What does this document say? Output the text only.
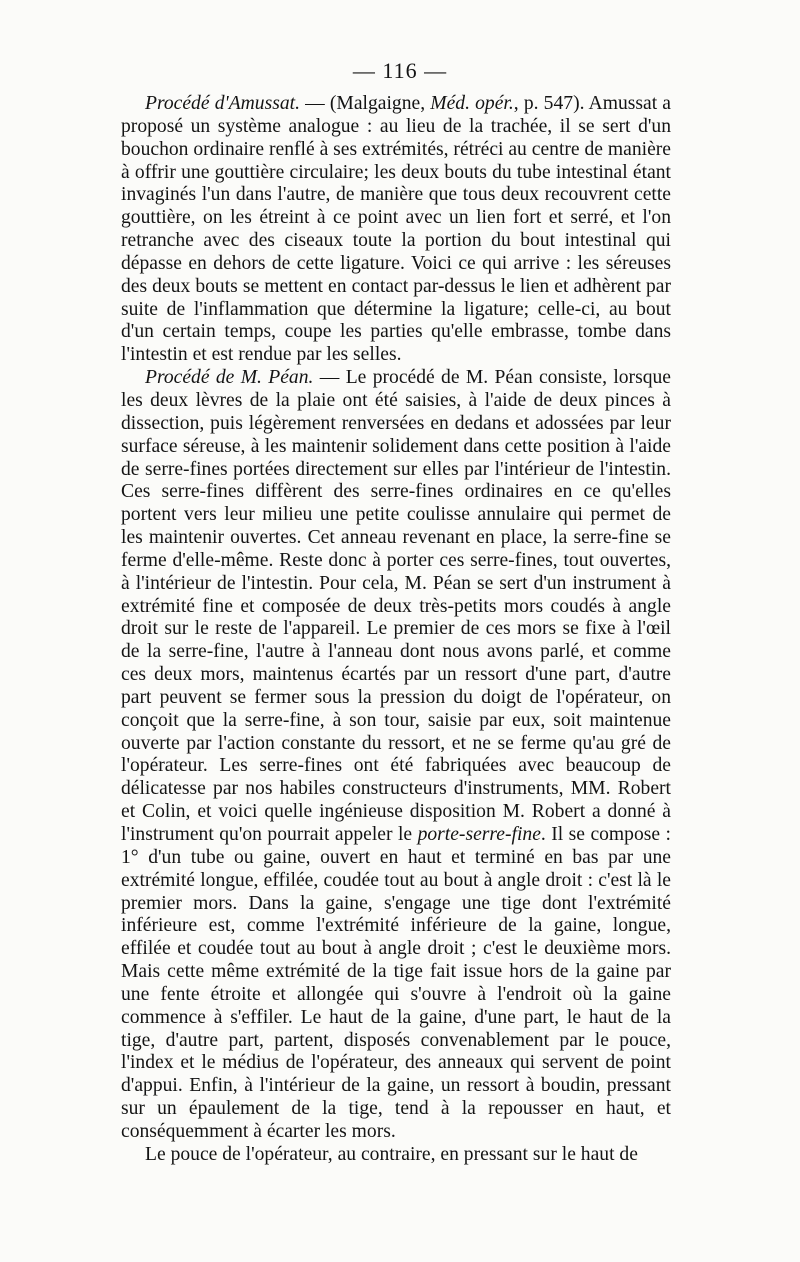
— 116 —

Procédé d'Amussat. — (Malgaigne, Méd. opér., p. 547). Amussat a proposé un système analogue : au lieu de la trachée, il se sert d'un bouchon ordinaire renflé à ses extrémités, rétréci au centre de manière à offrir une gouttière circulaire; les deux bouts du tube intestinal étant invaginés l'un dans l'autre, de manière que tous deux recouvrent cette gouttière, on les étreint à ce point avec un lien fort et serré, et l'on retranche avec des ciseaux toute la portion du bout intestinal qui dépasse en dehors de cette ligature. Voici ce qui arrive : les séreuses des deux bouts se mettent en contact par-dessus le lien et adhèrent par suite de l'inflammation que détermine la ligature; celle-ci, au bout d'un certain temps, coupe les parties qu'elle embrasse, tombe dans l'intestin et est rendue par les selles.

Procédé de M. Péan. — Le procédé de M. Péan consiste, lorsque les deux lèvres de la plaie ont été saisies, à l'aide de deux pinces à dissection, puis légèrement renversées en dedans et adossées par leur surface séreuse, à les maintenir solidement dans cette position à l'aide de serre-fines portées directement sur elles par l'intérieur de l'intestin. Ces serre-fines diffèrent des serre-fines ordinaires en ce qu'elles portent vers leur milieu une petite coulisse annulaire qui permet de les maintenir ouvertes. Cet anneau revenant en place, la serre-fine se ferme d'elle-même. Reste donc à porter ces serre-fines, tout ouvertes, à l'intérieur de l'intestin. Pour cela, M. Péan se sert d'un instrument à extrémité fine et composée de deux très-petits mors coudés à angle droit sur le reste de l'appareil. Le premier de ces mors se fixe à l'œil de la serre-fine, l'autre à l'anneau dont nous avons parlé, et comme ces deux mors, maintenus écartés par un ressort d'une part, d'autre part peuvent se fermer sous la pression du doigt de l'opérateur, on conçoit que la serre-fine, à son tour, saisie par eux, soit maintenue ouverte par l'action constante du ressort, et ne se ferme qu'au gré de l'opérateur. Les serre-fines ont été fabriquées avec beaucoup de délicatesse par nos habiles constructeurs d'instruments, MM. Robert et Colin, et voici quelle ingénieuse disposition M. Robert a donné à l'instrument qu'on pourrait appeler le porte-serre-fine. Il se compose : 1° d'un tube ou gaine, ouvert en haut et terminé en bas par une extrémité longue, effilée, coudée tout au bout à angle droit : c'est là le premier mors. Dans la gaine, s'engage une tige dont l'extrémité inférieure est, comme l'extrémité inférieure de la gaine, longue, effilée et coudée tout au bout à angle droit ; c'est le deuxième mors. Mais cette même extrémité de la tige fait issue hors de la gaine par une fente étroite et allongée qui s'ouvre à l'endroit où la gaine commence à s'effiler. Le haut de la gaine, d'une part, le haut de la tige, d'autre part, partent, disposés convenablement par le pouce, l'index et le médius de l'opérateur, des anneaux qui servent de point d'appui. Enfin, à l'intérieur de la gaine, un ressort à boudin, pressant sur un épaulement de la tige, tend à la repousser en haut, et conséquemment à écarter les mors.

Le pouce de l'opérateur, au contraire, en pressant sur le haut de
